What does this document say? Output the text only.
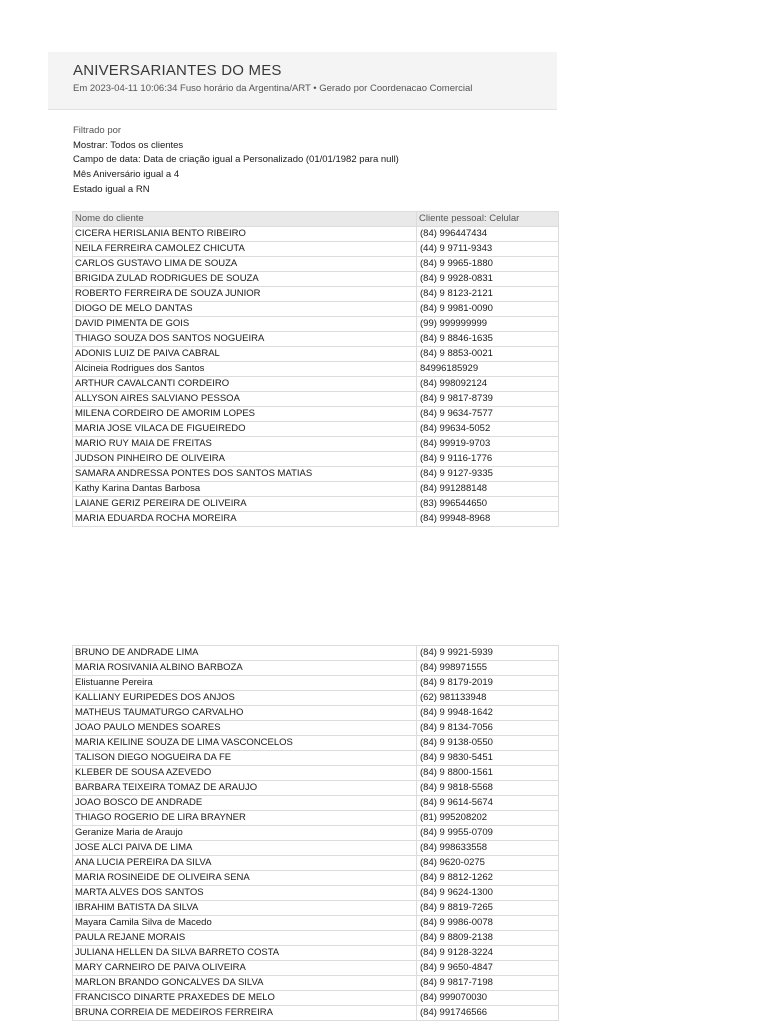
ANIVERSARIANTES DO MES
Em 2023-04-11 10:06:34 Fuso horário da Argentina/ART • Gerado por Coordenacao Comercial
Filtrado por
Mostrar: Todos os clientes
Campo de data: Data de criação igual a Personalizado (01/01/1982 para null)
Mês Aniversário igual a 4
Estado igual a RN
Nome do cliente	Cliente pessoal: Celular
CICERA HERISLANIA BENTO RIBEIRO	(84) 996447434
NEILA FERREIRA CAMOLEZ CHICUTA	(44) 9 9711-9343
CARLOS GUSTAVO LIMA DE SOUZA	(84) 9 9965-1880
BRIGIDA ZULAD RODRIGUES DE SOUZA	(84) 9 9928-0831
ROBERTO FERREIRA DE SOUZA JUNIOR	(84) 9 8123-2121
DIOGO DE MELO DANTAS	(84) 9 9981-0090
DAVID PIMENTA DE GOIS	(99) 999999999
THIAGO SOUZA DOS SANTOS NOGUEIRA	(84) 9 8846-1635
ADONIS LUIZ DE PAIVA CABRAL	(84) 9 8853-0021
Alcineia Rodrigues dos Santos	84996185929
ARTHUR CAVALCANTI CORDEIRO	(84) 998092124
ALLYSON AIRES SALVIANO PESSOA	(84) 9 9817-8739
MILENA CORDEIRO DE AMORIM LOPES	(84) 9 9634-7577
MARIA JOSE VILACA DE FIGUEIREDO	(84) 99634-5052
MARIO RUY MAIA DE FREITAS	(84) 99919-9703
JUDSON PINHEIRO DE OLIVEIRA	(84) 9 9116-1776
SAMARA ANDRESSA PONTES DOS SANTOS MATIAS	(84) 9 9127-9335
Kathy Karina Dantas Barbosa	(84) 991288148
LAIANE GERIZ PEREIRA DE OLIVEIRA	(83) 996544650
MARIA EDUARDA ROCHA MOREIRA	(84) 99948-8968
BRUNO DE ANDRADE LIMA	(84) 9 9921-5939
MARIA ROSIVANIA ALBINO BARBOZA	(84) 998971555
Elistuanne Pereira	(84) 9 8179-2019
KALLIANY EURIPEDES DOS ANJOS	(62) 981133948
MATHEUS TAUMATURGO CARVALHO	(84) 9 9948-1642
JOAO PAULO MENDES SOARES	(84) 9 8134-7056
MARIA KEILINE SOUZA DE LIMA VASCONCELOS	(84) 9 9138-0550
TALISON DIEGO NOGUEIRA DA FE	(84) 9 9830-5451
KLEBER DE SOUSA AZEVEDO	(84) 9 8800-1561
BARBARA TEIXEIRA TOMAZ DE ARAUJO	(84) 9 9818-5568
JOAO BOSCO DE ANDRADE	(84) 9 9614-5674
THIAGO ROGERIO DE LIRA BRAYNER	(81) 995208202
Geranize Maria de Araujo	(84) 9 9955-0709
JOSE ALCI PAIVA DE LIMA	(84) 998633558
ANA LUCIA PEREIRA DA SILVA	(84) 9620-0275
MARIA ROSINEIDE DE OLIVEIRA SENA	(84) 9 8812-1262
MARTA ALVES DOS SANTOS	(84) 9 9624-1300
IBRAHIM BATISTA DA SILVA	(84) 9 8819-7265
Mayara Camila Silva de Macedo	(84) 9 9986-0078
PAULA REJANE MORAIS	(84) 9 8809-2138
JULIANA HELLEN DA SILVA BARRETO COSTA	(84) 9 9128-3224
MARY CARNEIRO DE PAIVA OLIVEIRA	(84) 9 9650-4847
MARLON BRANDO GONCALVES DA SILVA	(84) 9 9817-7198
FRANCISCO DINARTE PRAXEDES DE MELO	(84) 999070030
BRUNA CORREIA DE MEDEIROS FERREIRA	(84) 991746566
